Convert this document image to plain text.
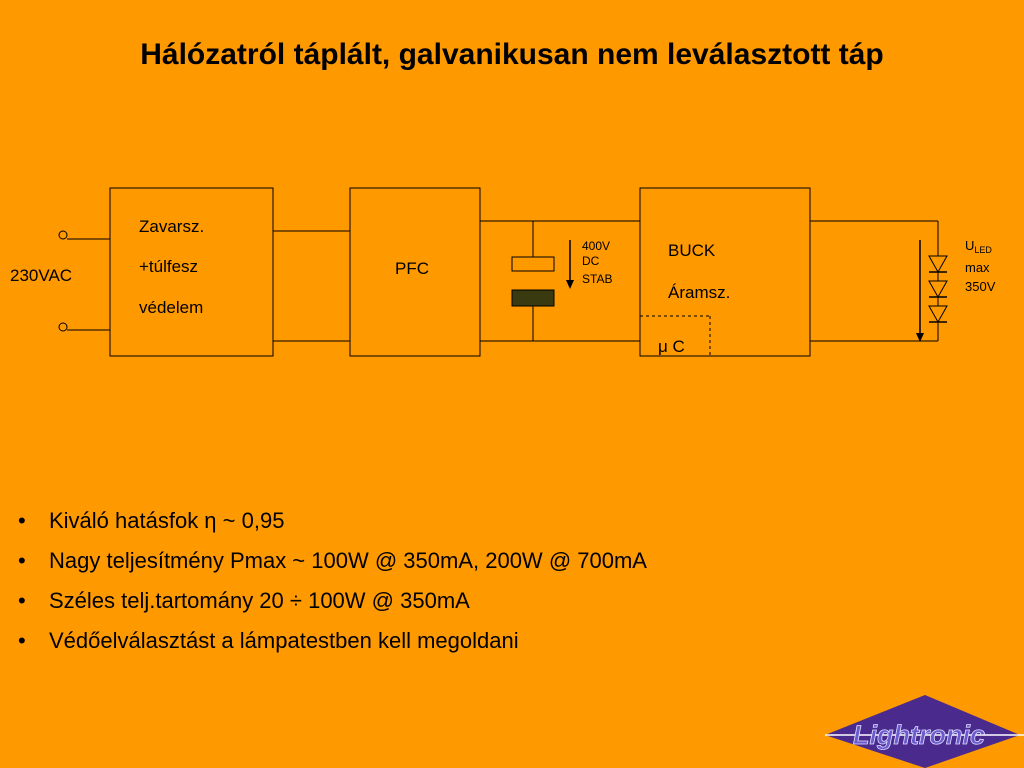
Hálózatról táplált, galvanikusan nem leválasztott táp
230VAC
Zavarsz.
+túlfesz
védelem
PFC
400V
DC
STAB
BUCK
Áramsz.
μ C
$U_{LED}$
max
350V
Lightronic
• Kiváló hatásfok η ~ 0,95
• Nagy teljesítmény Pmax ~ 100W @ 350mA, 200W @ 700mA
• Széles telj.tartomány 20 ÷ 100W @ 350mA
• Védőelválasztást a lámpatestben kell megoldani
